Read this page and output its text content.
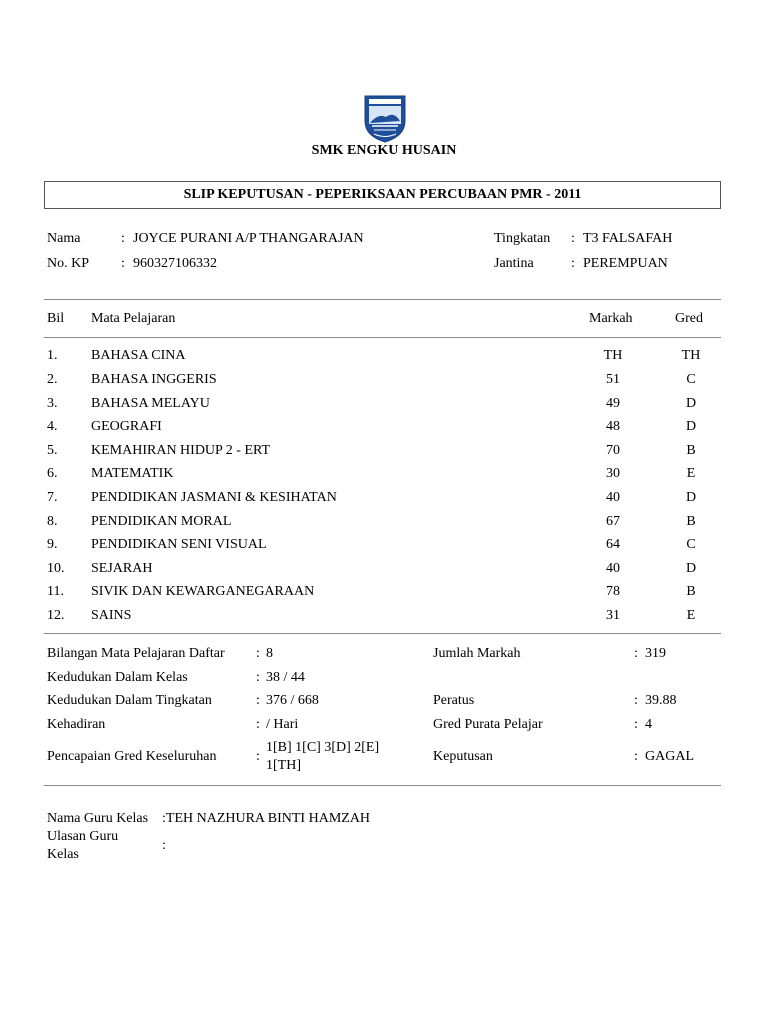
SMK ENGKU HUSAIN
SLIP KEPUTUSAN - PEPERIKSAAN PERCUBAAN PMR - 2011
Nama	: JOYCE PURANI A/P THANGARAJAN
No. KP : 960327106332
Tingkatan : T3 FALSAFAH
Jantina	: PEREMPUAN
Bil Mata Pelajaran	Markah	Gred
1. BAHASA CINA	TH	TH
2. BAHASA INGGERIS	51	C
3. BAHASA MELAYU	49	D
4. GEOGRAFI	48	D
5. KEMAHIRAN HIDUP 2 - ERT	70	B
6. MATEMATIK	30	E
7. PENDIDIKAN JASMANI & KESIHATAN	40	D
8. PENDIDIKAN MORAL	67	B
9. PENDIDIKAN SENI VISUAL	64	C
10. SEJARAH	40	D
11. SIVIK DAN KEWARGANEGARAAN	78	B
12. SAINS	31	E
Bilangan Mata Pelajaran Daftar : 8
Kedudukan Dalam Kelas	: 38 / 44
Kedudukan Dalam Tingkatan	: 376 / 668
Kehadiran	: / Hari
Pencapaian Gred Keseluruhan	:
1[B] 1[C] 3[D] 2[E]
1[TH]
Jumlah Markah	: 319
Peratus	: 39.88
Gred Purata Pelajar	: 4
Keputusan	: GAGAL
Nama Guru Kelas :TEH NAZHURA BINTI HAMZAH
Ulasan Guru
Kelas
:
